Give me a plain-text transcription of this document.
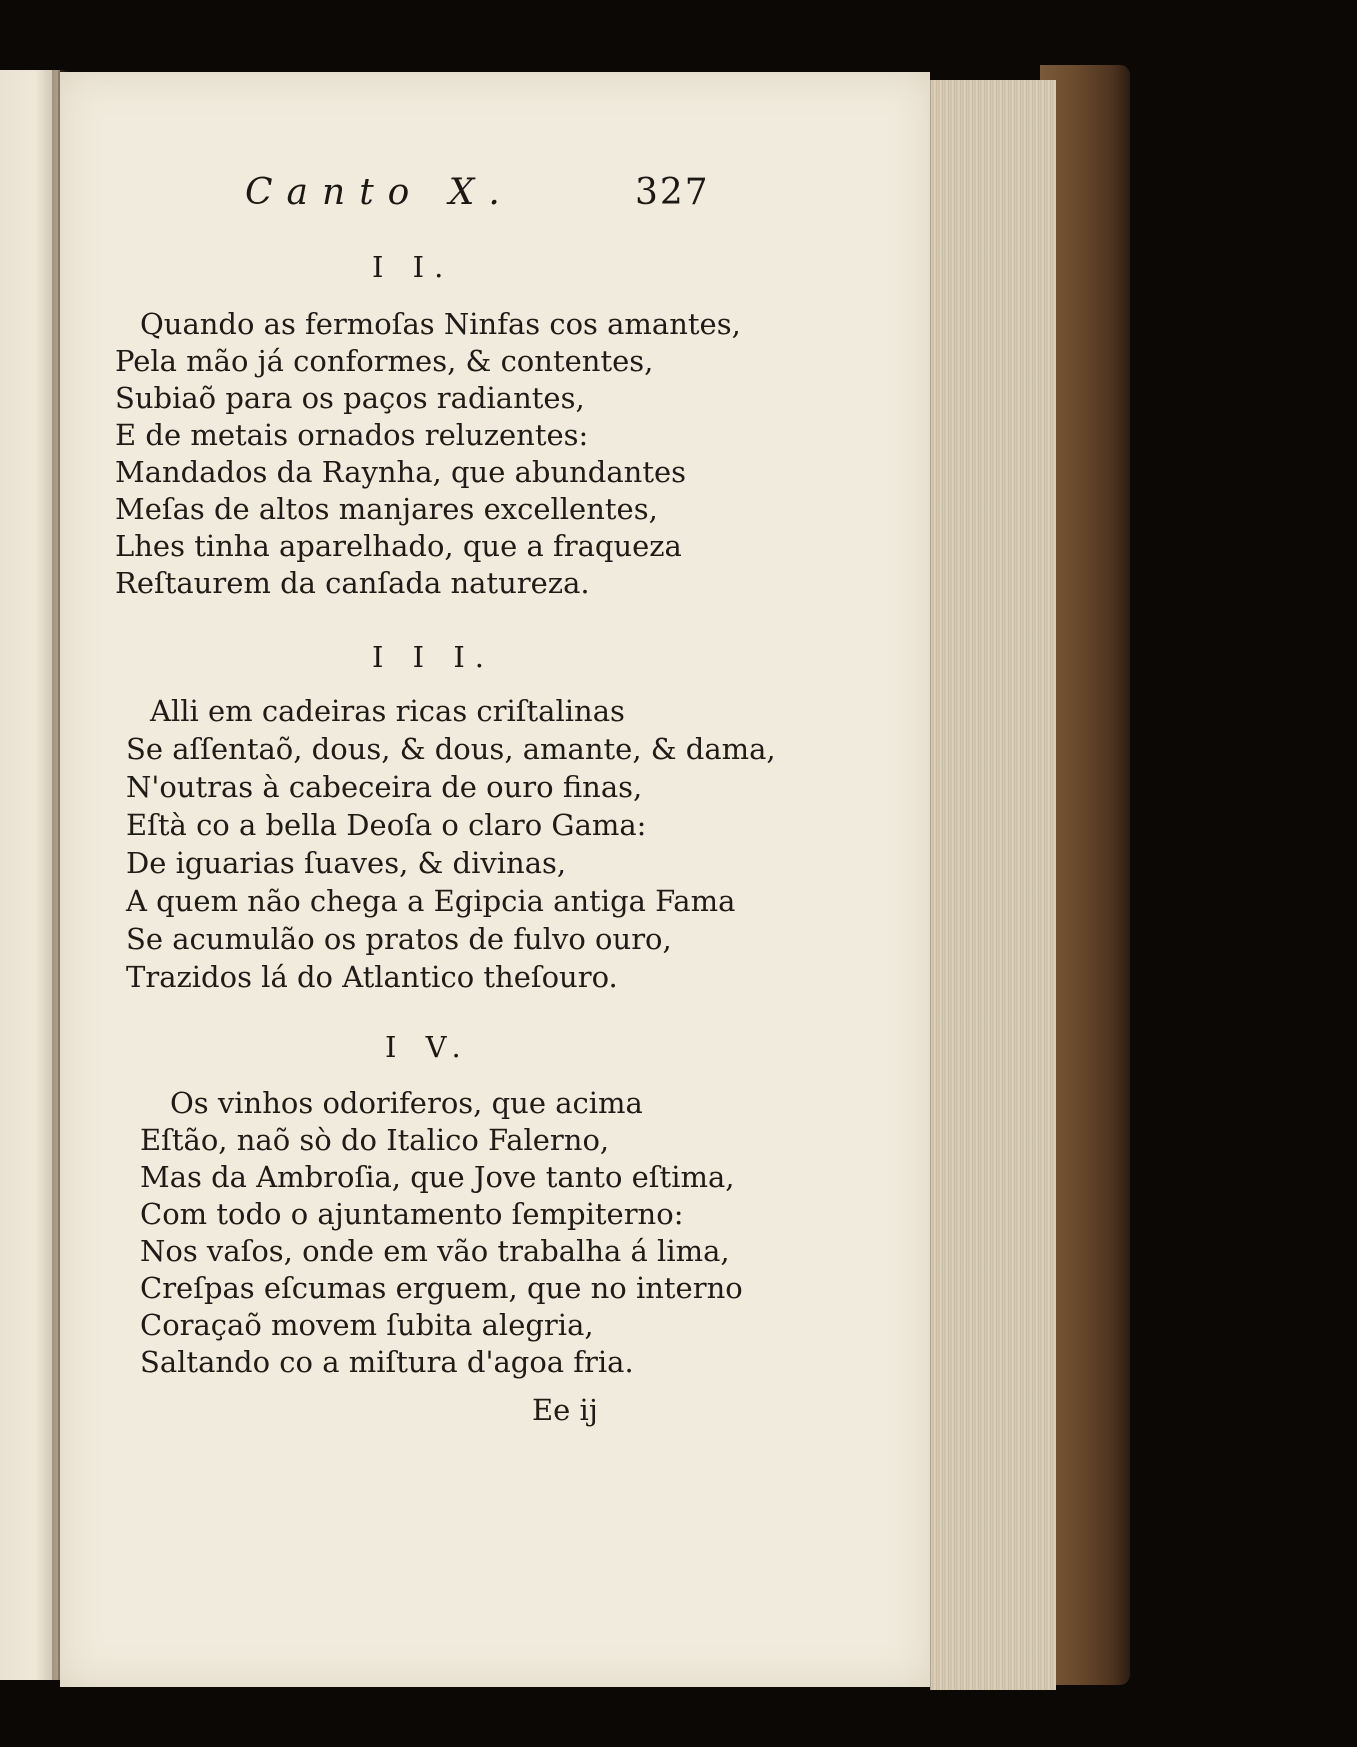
Canto X.	327
I I.
Quando as fermoſas Ninfas cos amantes,
Pela mão já conformes, & contentes,
Subiaõ para os paços radiantes,
E de metais ornados reluzentes:
Mandados da Raynha, que abundantes
Meſas de altos manjares excellentes,
Lhes tinha aparelhado, que a fraqueza
Reſtaurem da canſada natureza.
I I I.
Alli em cadeiras ricas criſtalinas
Se aſſentaõ, dous, & dous, amante, & dama,
N'outras à cabeceira de ouro finas,
Eſtà co a bella Deoſa o claro Gama:
De iguarias ſuaves, & divinas,
A quem não chega a Egipcia antiga Fama
Se acumulão os pratos de fulvo ouro,
Trazidos lá do Atlantico theſouro.
I V.
Os vinhos odoriferos, que acima
Eſtão, naõ sò do Italico Falerno,
Mas da Ambroſia, que Jove tanto eſtima,
Com todo o ajuntamento ſempiterno:
Nos vaſos, onde em vão trabalha á lima,
Creſpas eſcumas erguem, que no interno
Coraçaõ movem ſubita alegria,
Saltando co a miſtura d'agoa fria.
Ee ij
